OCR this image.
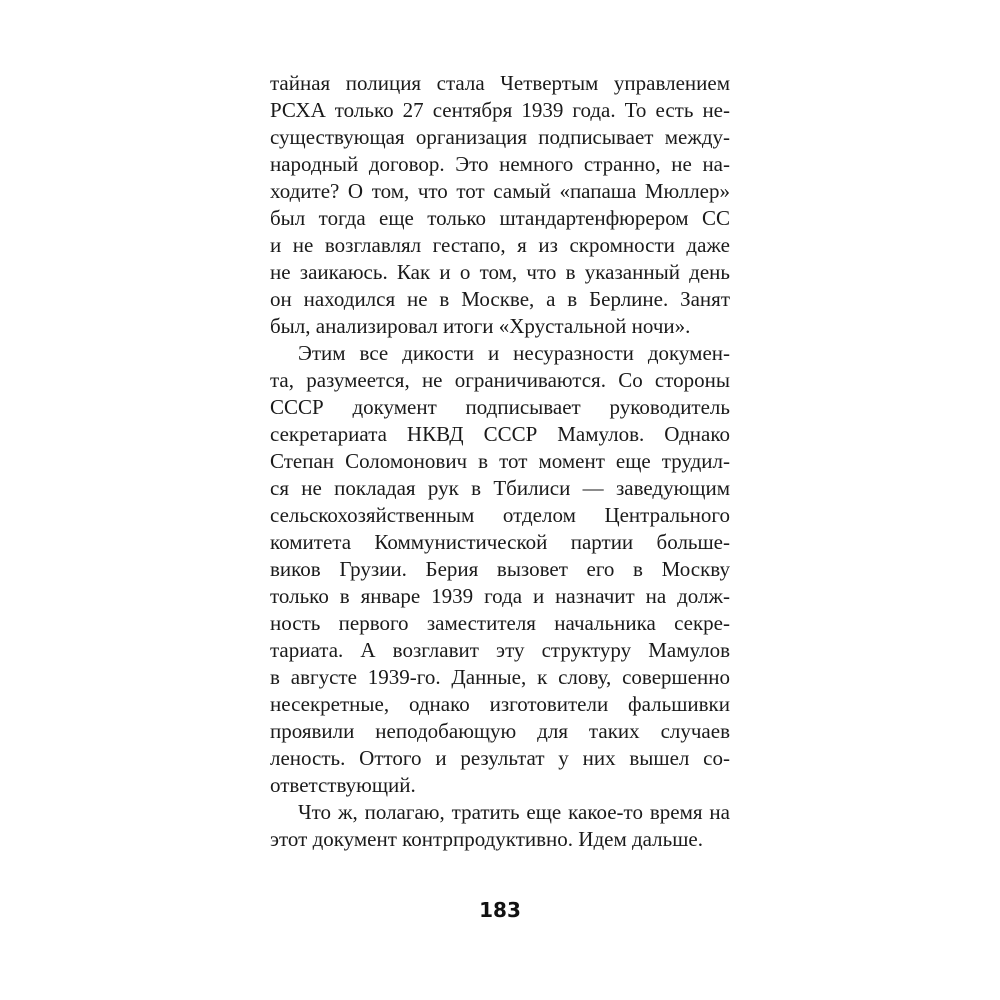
тайная полиция стала Четвертым управлением
РСХА только 27 сентября 1939 года. То есть не-
существующая организация подписывает между-
народный договор. Это немного странно, не на-
ходите? О том, что тот самый «папаша Мюллер»
был тогда еще только штандартенфюрером СС
и не возглавлял гестапо, я из скромности даже
не заикаюсь. Как и о том, что в указанный день
он находился не в Москве, а в Берлине. Занят
был, анализировал итоги «Хрустальной ночи».
Этим все дикости и несуразности докумен-
та, разумеется, не ограничиваются. Со стороны
СССР документ подписывает руководитель
секретариата НКВД СССР Мамулов. Однако
Степан Соломонович в тот момент еще трудил-
ся не покладая рук в Тбилиси — заведующим
сельскохозяйственным отделом Центрального
комитета Коммунистической партии больше-
виков Грузии. Берия вызовет его в Москву
только в январе 1939 года и назначит на долж-
ность первого заместителя начальника секре-
тариата. А возглавит эту структуру Мамулов
в августе 1939-го. Данные, к слову, совершенно
несекретные, однако изготовители фальшивки
проявили неподобающую для таких случаев
леность. Оттого и результат у них вышел со-
ответствующий.
Что ж, полагаю, тратить еще какое-то время на
этот документ контрпродуктивно. Идем дальше.
183
